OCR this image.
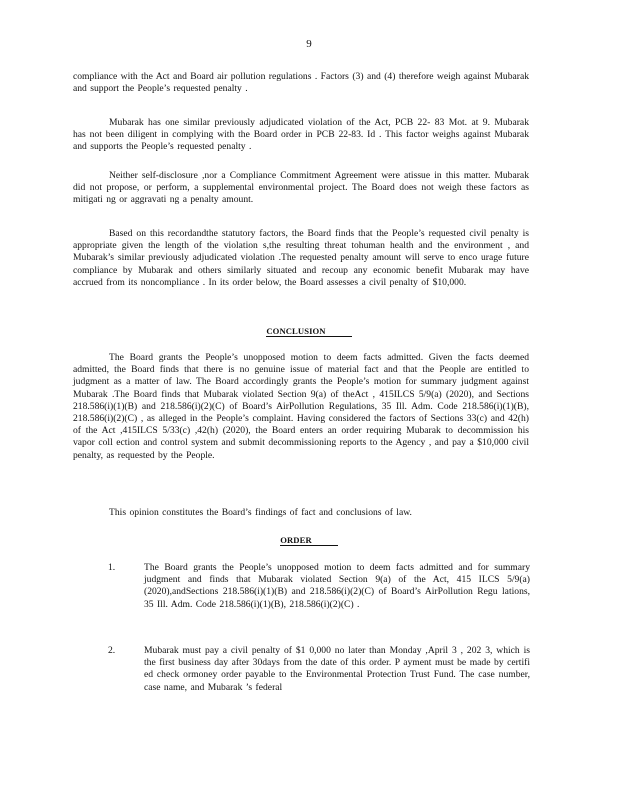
9

compliance with the Act and Board air pollution regulations . Factors (3) and (4) therefore weigh against Mubarak and support the People’s requested penalty .

Mubarak has one similar previously adjudicated violation of the Act, PCB 22- 83 Mot. at 9. Mubarak has not been diligent in complying with the Board order in PCB 22-83. Id . This factor weighs against Mubarak and supports the People’s requested penalty .

Neither self-disclosure ,nor a Compliance Commitment Agreement were atissue in this matter. Mubarak did not propose, or perform, a supplemental environmental project. The Board does not weigh these factors as mitigati ng or aggravati ng a penalty amount.

Based on this recordandthe statutory factors, the Board finds that the People’s requested civil penalty is appropriate given the length of the violation s,the resulting threat tohuman health and the environment , and Mubarak’s similar previously adjudicated violation .The requested penalty amount will serve to enco urage future compliance by Mubarak and others similarly situated and recoup any economic benefit Mubarak may have accrued from its noncompliance . In its order below, the Board assesses a civil penalty of $10,000.

CONCLUSION

The Board grants the People’s unopposed motion to deem facts admitted. Given the facts deemed admitted, the Board finds that there is no genuine issue of material fact and that the People are entitled to judgment as a matter of law. The Board accordingly grants the People’s motion for summary judgment against Mubarak .The Board finds that Mubarak violated Section 9(a) of theAct , 415ILCS 5/9(a) (2020), and Sections 218.586(i)(1)(B) and 218.586(i)(2)(C) of Board’s AirPollution Regulations, 35 Ill. Adm. Code 218.586(i)(1)(B), 218.586(i)(2)(C) , as alleged in the People’s complaint. Having considered the factors of Sections 33(c) and 42(h) of the Act ,415ILCS 5/33(c) ,42(h) (2020), the Board enters an order requiring Mubarak to decommission his vapor coll ection and control system and submit decommissioning reports to the Agency , and pay a $10,000 civil penalty, as requested by the People.

This opinion constitutes the Board’s findings of fact and conclusions of law.

ORDER
1.	The Board grants the People’s unopposed motion to deem facts admitted and for summary judgment and finds that Mubarak violated Section 9(a) of the Act, 415 ILCS 5/9(a) (2020),andSections 218.586(i)(1)(B) and 218.586(i)(2)(C) of Board’s AirPollution Regu lations, 35 Ill. Adm. Code 218.586(i)(1)(B), 218.586(i)(2)(C) .

2.	Mubarak must pay a civil penalty of $1 0,000 no later than Monday ,April 3 , 202 3, which is the first business day after 30days from the date of this order. P ayment must be made by certifi ed check ormoney order payable to the Environmental Protection Trust Fund. The case number, case name, and Mubarak ’s federal
